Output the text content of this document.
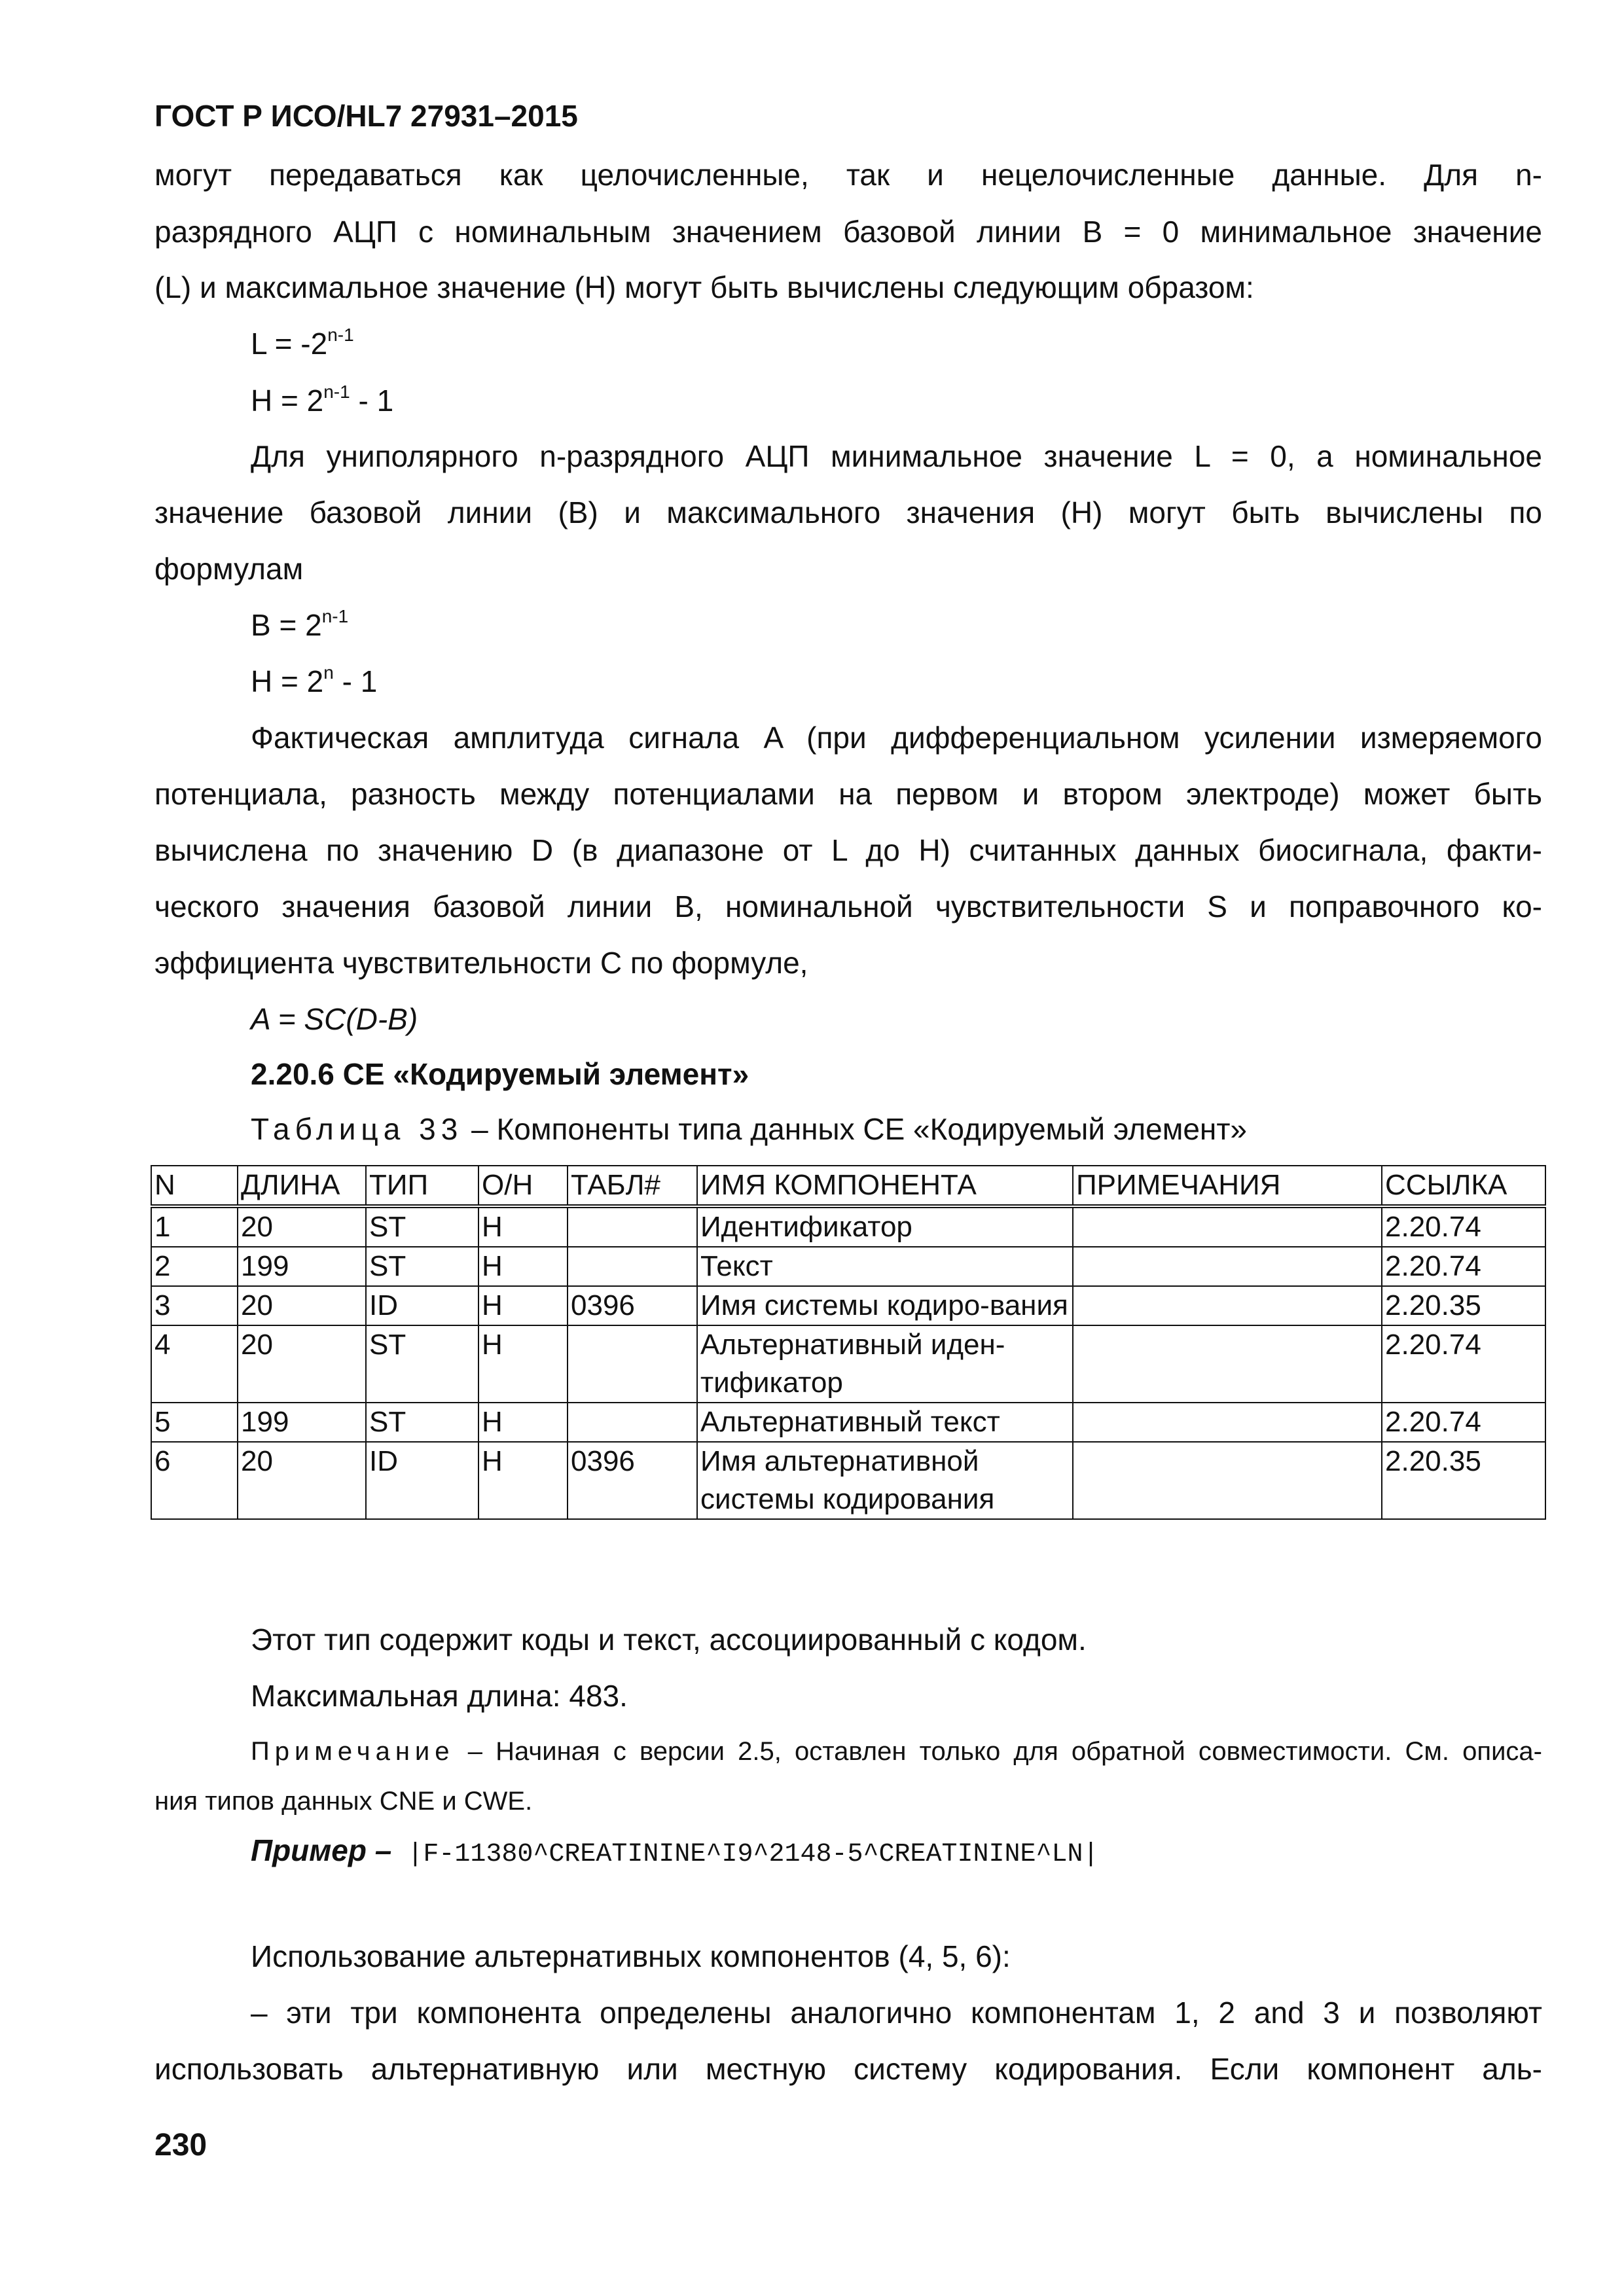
ГОСТ Р ИСО/HL7 27931–2015
могут передаваться как целочисленные, так и нецелочисленные данные. Для n-
разрядного АЦП с номинальным значением базовой линии B = 0 минимальное значение
(L) и максимальное значение (H) могут быть вычислены следующим образом:
$L = -2^{n-1}$
$H = 2^{n-1} - 1$
Для униполярного n-разрядного АЦП минимальное значение L = 0, а номинальное
значение базовой линии (B) и максимального значения (H) могут быть вычислены по
формулам
$B = 2^{n-1}$
$H = 2^n - 1$
Фактическая амплитуда сигнала A (при дифференциальном усилении измеряемого
потенциала, разность между потенциалами на первом и втором электроде) может быть
вычислена по значению D (в диапазоне от L до H) считанных данных биосигнала, факти-
ческого значения базовой линии B, номинальной чувствительности S и поправочного ко-
эффициента чувствительности C по формуле,
A = SC(D-B)
2.20.6 CE «Кодируемый элемент»
Таблица 33 – Компоненты типа данных CE «Кодируемый элемент»
N	ДЛИНА	ТИП	О/Н	ТАБЛ#	ИМЯ КОМПОНЕНТА	ПРИМЕЧАНИЯ	ССЫЛКА
1	20	ST	Н		Идентификатор		2.20.74
2	199	ST	Н		Текст		2.20.74
3	20	ID	Н	0396	Имя системы кодиро-вания		2.20.35
4	20	ST	Н		Альтернативный иден-тификатор		2.20.74
5	199	ST	Н		Альтернативный текст		2.20.74
6	20	ID	Н	0396	Имя альтернативной системы кодирования		2.20.35
Этот тип содержит коды и текст, ассоциированный с кодом.
Максимальная длина: 483.
Примечание – Начиная с версии 2.5, оставлен только для обратной совместимости. См. описа-
ния типов данных CNE и CWE.
Пример – |F-11380^CREATININE^I9^2148-5^CREATININE^LN|
Использование альтернативных компонентов (4, 5, 6):
– эти три компонента определены аналогично компонентам 1, 2 and 3 и позволяют
использовать альтернативную или местную систему кодирования. Если компонент аль-
230
